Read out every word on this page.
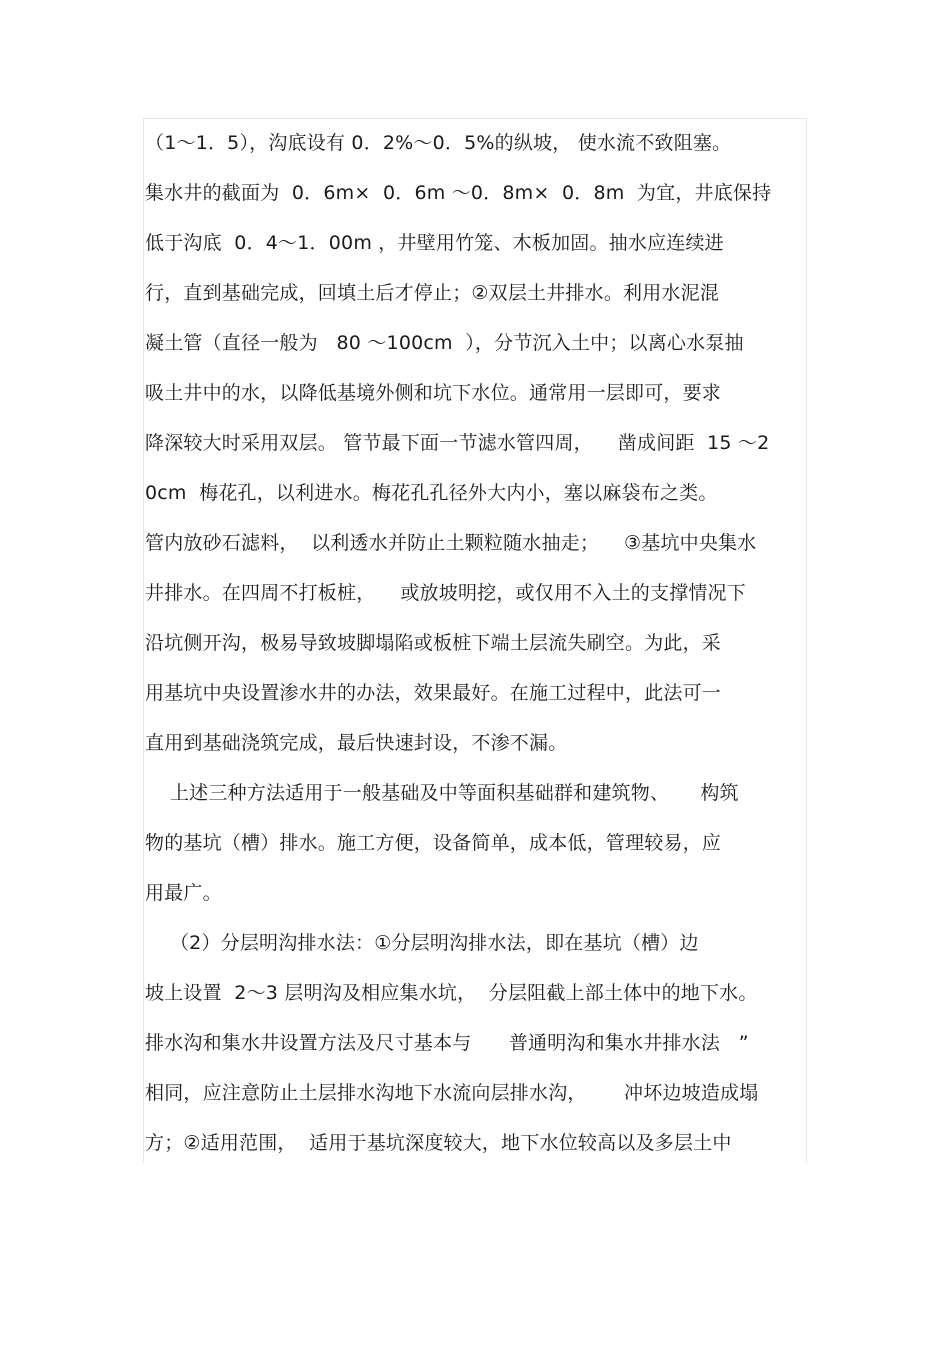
（1～1．5），沟底设有 0．2%～0．5%的纵坡， 使水流不致阻塞。
集水井的截面为  0．6m×  0．6m ～0．8m×  0．8m  为宜，井底保持
低于沟底  0．4～1．00m ，井壁用竹笼、木板加固。抽水应连续进
行，直到基础完成，回填土后才停止；②双层土井排水。利用水泥混
凝土管（直径一般为   80 ～100cm  ），分节沉入土中；以离心水泵抽
吸土井中的水，以降低基境外侧和坑下水位。通常用一层即可，要求
降深较大时采用双层。 管节最下面一节滤水管四周，    凿成间距  15 ～2
0cm  梅花孔，以利进水。梅花孔孔径外大内小，塞以麻袋布之类。
管内放砂石滤料，  以利透水并防止土颗粒随水抽走；    ③基坑中央集水
井排水。在四周不打板桩，    或放坡明挖，或仅用不入土的支撑情况下
沿坑侧开沟，极易导致坡脚塌陷或板桩下端土层流失刷空。为此，采
用基坑中央设置渗水井的办法，效果最好。在施工过程中，此法可一
直用到基础浇筑完成，最后快速封设，不渗不漏。
上述三种方法适用于一般基础及中等面积基础群和建筑物、     构筑
物的基坑（槽）排水。施工方便，设备简单，成本低，管理较易，应
用最广。
（2）分层明沟排水法：①分层明沟排水法，即在基坑（槽）边
坡上设置  2～3 层明沟及相应集水坑，  分层阻截上部土体中的地下水。
排水沟和集水井设置方法及尺寸基本与      普通明沟和集水井排水法   ”
相同，应注意防止土层排水沟地下水流向层排水沟，      冲坏边坡造成塌
方；②适用范围，  适用于基坑深度较大，地下水位较高以及多层土中
